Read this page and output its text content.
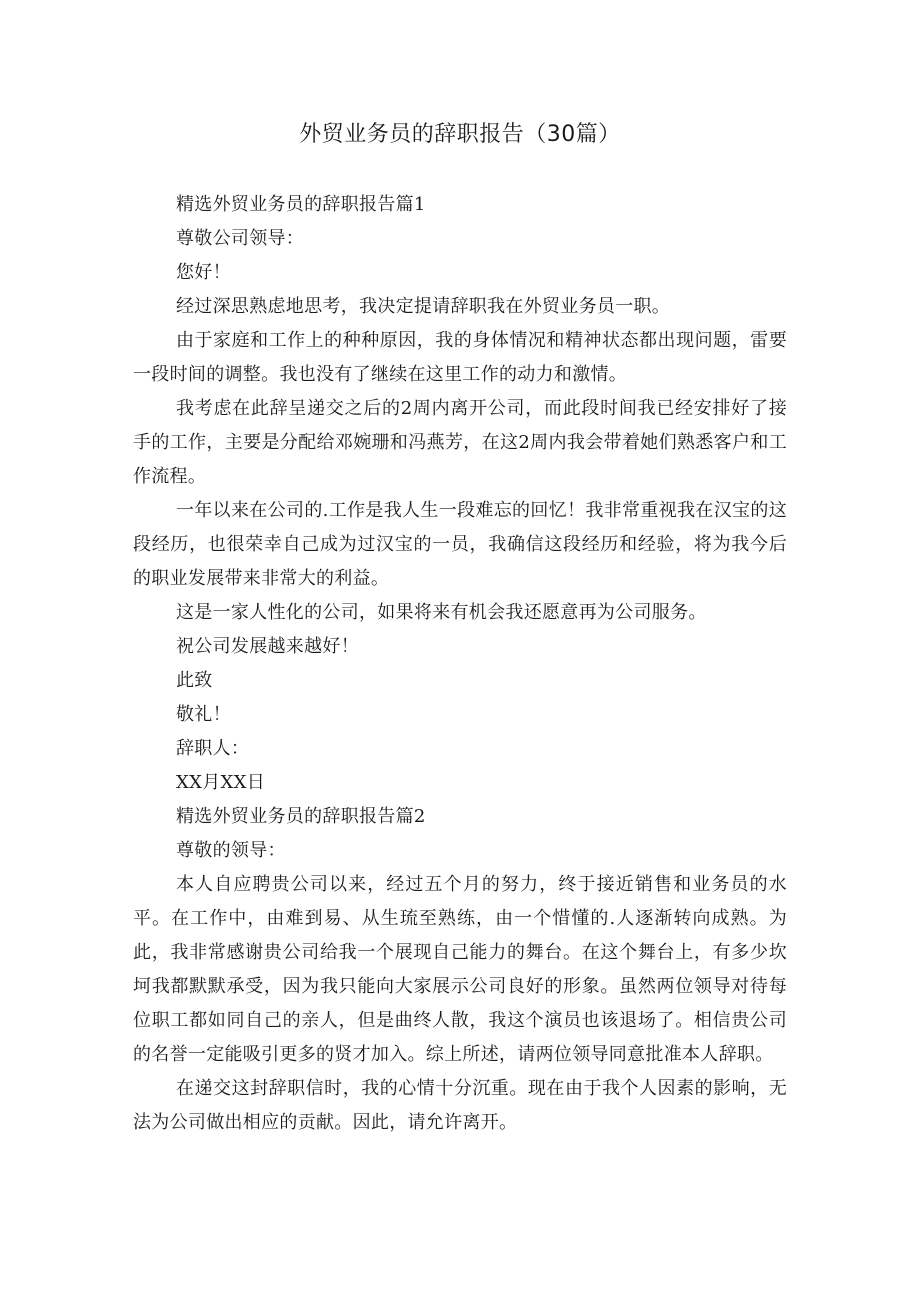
外贸业务员的辞职报告（30篇）

精选外贸业务员的辞职报告篇1

尊敬公司领导：

您好！

经过深思熟虑地思考，我决定提请辞职我在外贸业务员一职。

由于家庭和工作上的种种原因，我的身体情况和精神状态都出现问题，雷要一段时间的调整。我也没有了继续在这里工作的动力和激情。

我考虑在此辞呈递交之后的2周内离开公司，而此段时间我已经安排好了接手的工作，主要是分配给邓婉珊和冯燕芳，在这2周内我会带着她们熟悉客户和工作流程。

一年以来在公司的.工作是我人生一段难忘的回忆！我非常重视我在汉宝的这段经历，也很荣幸自己成为过汉宝的一员，我确信这段经历和经验，将为我今后的职业发展带来非常大的利益。

这是一家人性化的公司，如果将来有机会我还愿意再为公司服务。

祝公司发展越来越好！

此致

敬礼！

辞职人：

XX月XX日

精选外贸业务员的辞职报告篇2

尊敬的领导：

本人自应聘贵公司以来，经过五个月的努力，终于接近销售和业务员的水平。在工作中，由难到易、从生琉至熟练，由一个惜懂的.人逐渐转向成熟。为此，我非常感谢贵公司给我一个展现自己能力的舞台。在这个舞台上，有多少坎坷我都默默承受，因为我只能向大家展示公司良好的形象。虽然两位领导对待每位职工都如同自己的亲人，但是曲终人散，我这个演员也该退场了。相信贵公司的名誉一定能吸引更多的贤才加入。综上所述，请两位领导同意批准本人辞职。

在递交这封辞职信时，我的心情十分沉重。现在由于我个人因素的影响，无法为公司做出相应的贡献。因此，请允许离开。
